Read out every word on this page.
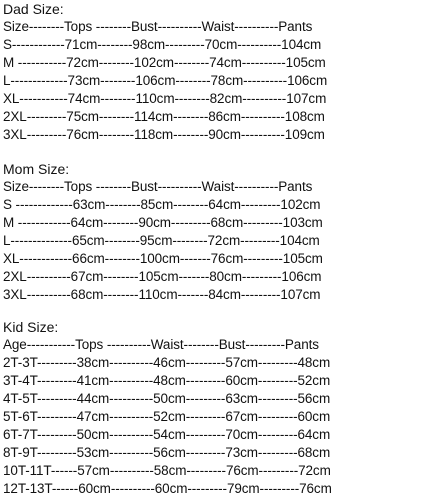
Dad Size:
Size--------Tops --------Bust----------Waist----------Pants
S------------71cm--------98cm---------70cm----------104cm
M -----------72cm--------102cm--------74cm----------105cm
L-------------73cm--------106cm--------78cm----------106cm
XL-----------74cm--------110cm--------82cm----------107cm
2XL---------75cm--------114cm--------86cm----------108cm
3XL---------76cm--------118cm--------90cm----------109cm
Mom Size:
Size--------Tops --------Bust----------Waist----------Pants
S -------------63cm--------85cm--------64cm---------102cm
M ------------64cm--------90cm---------68cm---------103cm
L--------------65cm--------95cm--------72cm---------104cm
XL------------66cm--------100cm-------76cm---------105cm
2XL----------67cm--------105cm-------80cm---------106cm
3XL----------68cm--------110cm-------84cm---------107cm
Kid Size:
Age-----------Tops ----------Waist--------Bust---------Pants
2T-3T---------38cm----------46cm---------57cm---------48cm
3T-4T---------41cm----------48cm---------60cm---------52cm
4T-5T---------44cm----------50cm---------63cm---------56cm
5T-6T---------47cm----------52cm---------67cm---------60cm
6T-7T---------50cm----------54cm---------70cm---------64cm
8T-9T---------53cm----------56cm---------73cm---------68cm
10T-11T------57cm----------58cm---------76cm---------72cm
12T-13T------60cm----------60cm---------79cm---------76cm
